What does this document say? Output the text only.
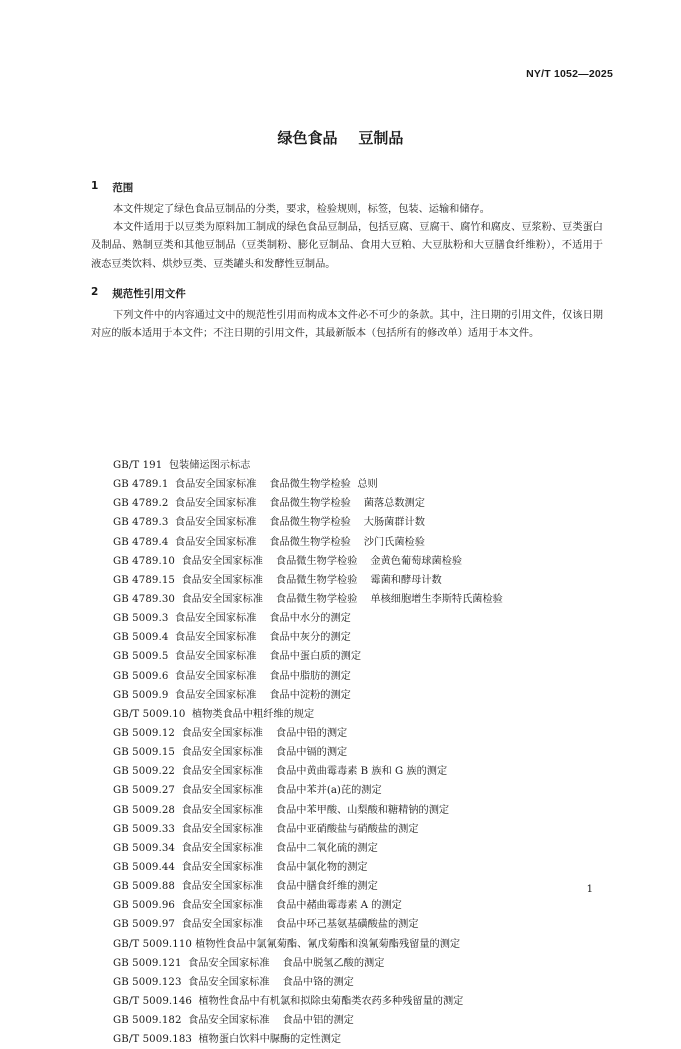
NY/T 1052—2025
绿色食品    豆制品
1 范围

本文件规定了绿色食品豆制品的分类，要求，检验规则，标签，包装、运输和储存。

本文件适用于以豆类为原料加工制成的绿色食品豆制品，包括豆腐、豆腐干、腐竹和腐皮、豆浆粉、豆类蛋白及制品、熟制豆类和其他豆制品（豆类制粉、膨化豆制品、食用大豆粕、大豆肽粉和大豆膳食纤维粉），不适用于液态豆类饮料、烘炒豆类、豆类罐头和发酵性豆制品。

2 规范性引用文件

下列文件中的内容通过文中的规范性引用而构成本文件必不可少的条款。其中，注日期的引用文件，仅该日期对应的版本适用于本文件；不注日期的引用文件，其最新版本（包括所有的修改单）适用于本文件。

GB/T 191 包装储运图示标志
GB 4789.1 食品安全国家标准    食品微生物学检验  总则
GB 4789.2 食品安全国家标准    食品微生物学检验    菌落总数测定
GB 4789.3 食品安全国家标准    食品微生物学检验    大肠菌群计数
GB 4789.4 食品安全国家标准    食品微生物学检验    沙门氏菌检验
GB 4789.10 食品安全国家标准    食品微生物学检验    金黄色葡萄球菌检验
GB 4789.15 食品安全国家标准    食品微生物学检验    霉菌和酵母计数
GB 4789.30 食品安全国家标准    食品微生物学检验    单核细胞增生李斯特氏菌检验
GB 5009.3 食品安全国家标准    食品中水分的测定
GB 5009.4 食品安全国家标准    食品中灰分的测定
GB 5009.5 食品安全国家标准    食品中蛋白质的测定
GB 5009.6 食品安全国家标准    食品中脂肪的测定
GB 5009.9 食品安全国家标准    食品中淀粉的测定
GB/T 5009.10 植物类食品中粗纤维的规定
GB 5009.12 食品安全国家标准    食品中铅的测定
GB 5009.15 食品安全国家标准    食品中镉的测定
GB 5009.22 食品安全国家标准    食品中黄曲霉毒素 B 族和 G 族的测定
GB 5009.27 食品安全国家标准    食品中苯并(a)芘的测定
GB 5009.28 食品安全国家标准    食品中苯甲酸、山梨酸和糖精钠的测定
GB 5009.33 食品安全国家标准    食品中亚硝酸盐与硝酸盐的测定
GB 5009.34 食品安全国家标准    食品中二氧化硫的测定
GB 5009.44 食品安全国家标准    食品中氯化物的测定
GB 5009.88 食品安全国家标准    食品中膳食纤维的测定
GB 5009.96 食品安全国家标准    食品中赭曲霉毒素 A 的测定
GB 5009.97 食品安全国家标准    食品中环己基氨基磺酸盐的测定
GB/T 5009.110 植物性食品中氯氰菊酯、氰戊菊酯和溴氰菊酯残留量的测定
GB 5009.121 食品安全国家标准    食品中脱氢乙酸的测定
GB 5009.123 食品安全国家标准    食品中铬的测定
GB/T 5009.146 植物性食品中有机氯和拟除虫菊酯类农药多种残留量的测定
GB 5009.182 食品安全国家标准    食品中铝的测定
GB/T 5009.183 植物蛋白饮料中脲酶的定性测定
1
